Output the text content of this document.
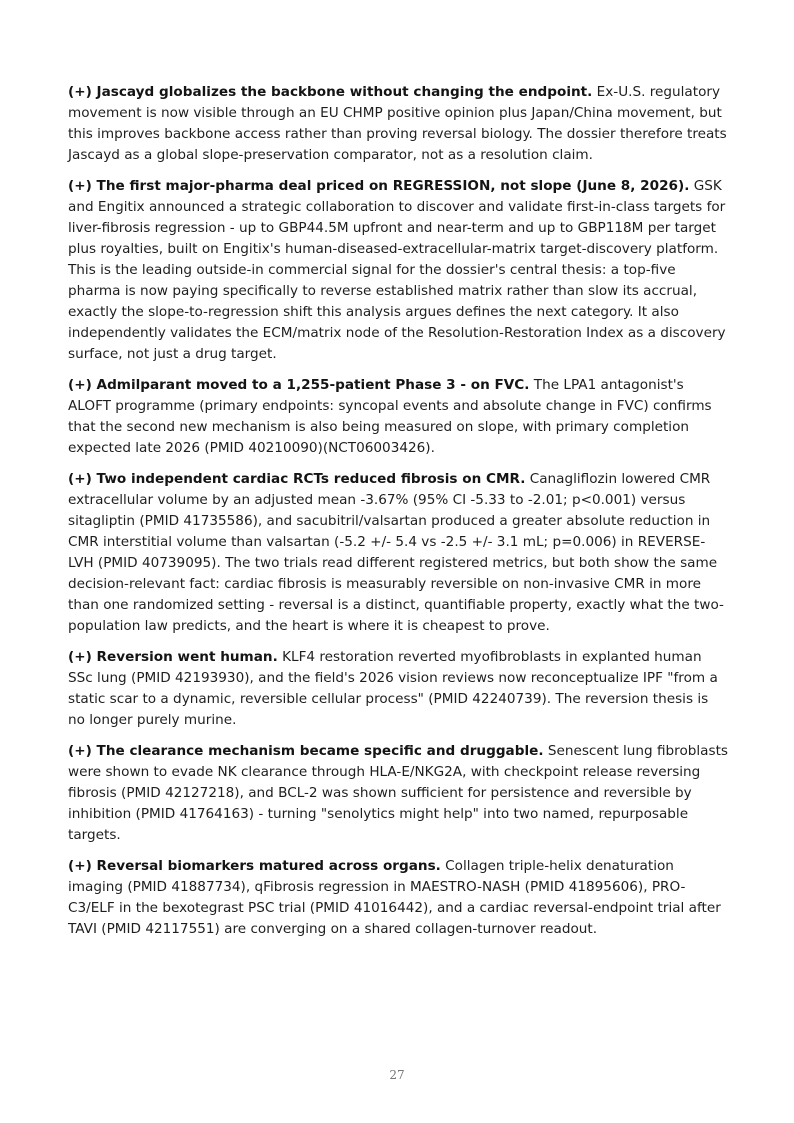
(+) Jascayd globalizes the backbone without changing the endpoint. Ex-U.S. regulatory movement is now visible through an EU CHMP positive opinion plus Japan/China movement, but this improves backbone access rather than proving reversal biology. The dossier therefore treats Jascayd as a global slope-preservation comparator, not as a resolution claim.

(+) The first major-pharma deal priced on REGRESSION, not slope (June 8, 2026). GSK and Engitix announced a strategic collaboration to discover and validate first-in-class targets for liver-fibrosis regression - up to GBP44.5M upfront and near-term and up to GBP118M per target plus royalties, built on Engitix's human-diseased-extracellular-matrix target-discovery platform. This is the leading outside-in commercial signal for the dossier's central thesis: a top-five pharma is now paying specifically to reverse established matrix rather than slow its accrual, exactly the slope-to-regression shift this analysis argues defines the next category. It also independently validates the ECM/matrix node of the Resolution-Restoration Index as a discovery surface, not just a drug target.

(+) Admilparant moved to a 1,255-patient Phase 3 - on FVC. The LPA1 antagonist's ALOFT programme (primary endpoints: syncopal events and absolute change in FVC) confirms that the second new mechanism is also being measured on slope, with primary completion expected late 2026 (PMID 40210090)(NCT06003426).

(+) Two independent cardiac RCTs reduced fibrosis on CMR. Canagliflozin lowered CMR extracellular volume by an adjusted mean -3.67% (95% CI -5.33 to -2.01; p<0.001) versus sitagliptin (PMID 41735586), and sacubitril/valsartan produced a greater absolute reduction in CMR interstitial volume than valsartan (-5.2 +/- 5.4 vs -2.5 +/- 3.1 mL; p=0.006) in REVERSE-LVH (PMID 40739095). The two trials read different registered metrics, but both show the same decision-relevant fact: cardiac fibrosis is measurably reversible on non-invasive CMR in more than one randomized setting - reversal is a distinct, quantifiable property, exactly what the two-population law predicts, and the heart is where it is cheapest to prove.

(+) Reversion went human. KLF4 restoration reverted myofibroblasts in explanted human SSc lung (PMID 42193930), and the field's 2026 vision reviews now reconceptualize IPF "from a static scar to a dynamic, reversible cellular process" (PMID 42240739). The reversion thesis is no longer purely murine.

(+) The clearance mechanism became specific and druggable. Senescent lung fibroblasts were shown to evade NK clearance through HLA-E/NKG2A, with checkpoint release reversing fibrosis (PMID 42127218), and BCL-2 was shown sufficient for persistence and reversible by inhibition (PMID 41764163) - turning "senolytics might help" into two named, repurposable targets.

(+) Reversal biomarkers matured across organs. Collagen triple-helix denaturation imaging (PMID 41887734), qFibrosis regression in MAESTRO-NASH (PMID 41895606), PRO-C3/ELF in the bexotegrast PSC trial (PMID 41016442), and a cardiac reversal-endpoint trial after TAVI (PMID 42117551) are converging on a shared collagen-turnover readout.

27
